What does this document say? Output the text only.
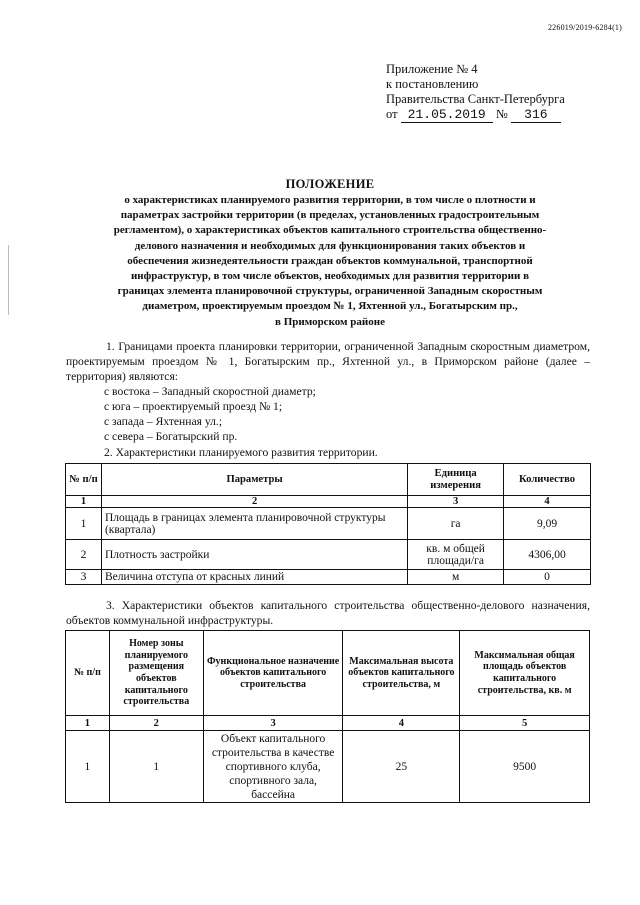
226019/2019-6284(1)
Приложение № 4
к постановлению
Правительства Санкт-Петербурга
от 21.05.2019 № 316
ПОЛОЖЕНИЕ
о характеристиках планируемого развития территории, в том числе о плотности и
параметрах застройки территории (в пределах, установленных градостроительным
регламентом), о характеристиках объектов капитального строительства общественно-
делового назначения и необходимых для функционирования таких объектов и
обеспечения жизнедеятельности граждан объектов коммунальной, транспортной
инфраструктур, в том числе объектов, необходимых для развития территории в
границах элемента планировочной структуры, ограниченной Западным скоростным
диаметром, проектируемым проездом № 1, Яхтенной ул., Богатырским пр.,
в Приморском районе
1. Границами проекта планировки территории, ограниченной Западным скоростным диаметром, проектируемым проездом № 1, Богатырским пр., Яхтенной ул., в Приморском районе (далее – территория) являются:
с востока – Западный скоростной диаметр;
с юга – проектируемый проезд № 1;
с запада – Яхтенная ул.;
с севера – Богатырский пр.
2. Характеристики планируемого развития территории.
№ п/п	Параметры	Единица измерения	Количество
1	2	3	4
1	Площадь в границах элемента планировочной структуры (квартала)	га	9,09
2	Плотность застройки	кв. м общей площади/га	4306,00
3	Величина отступа от красных линий	м	0
3. Характеристики объектов капитального строительства общественно-делового назначения, объектов коммунальной инфраструктуры.
№ п/п	Номер зоны планируемого размещения объектов капитального строительства	Функциональное назначение объектов капитального строительства	Максимальная высота объектов капитального строительства, м	Максимальная общая площадь объектов капитального строительства, кв. м
1	2	3	4	5
1	1	Объект капитального строительства в качестве спортивного клуба, спортивного зала, бассейна	25	9500
